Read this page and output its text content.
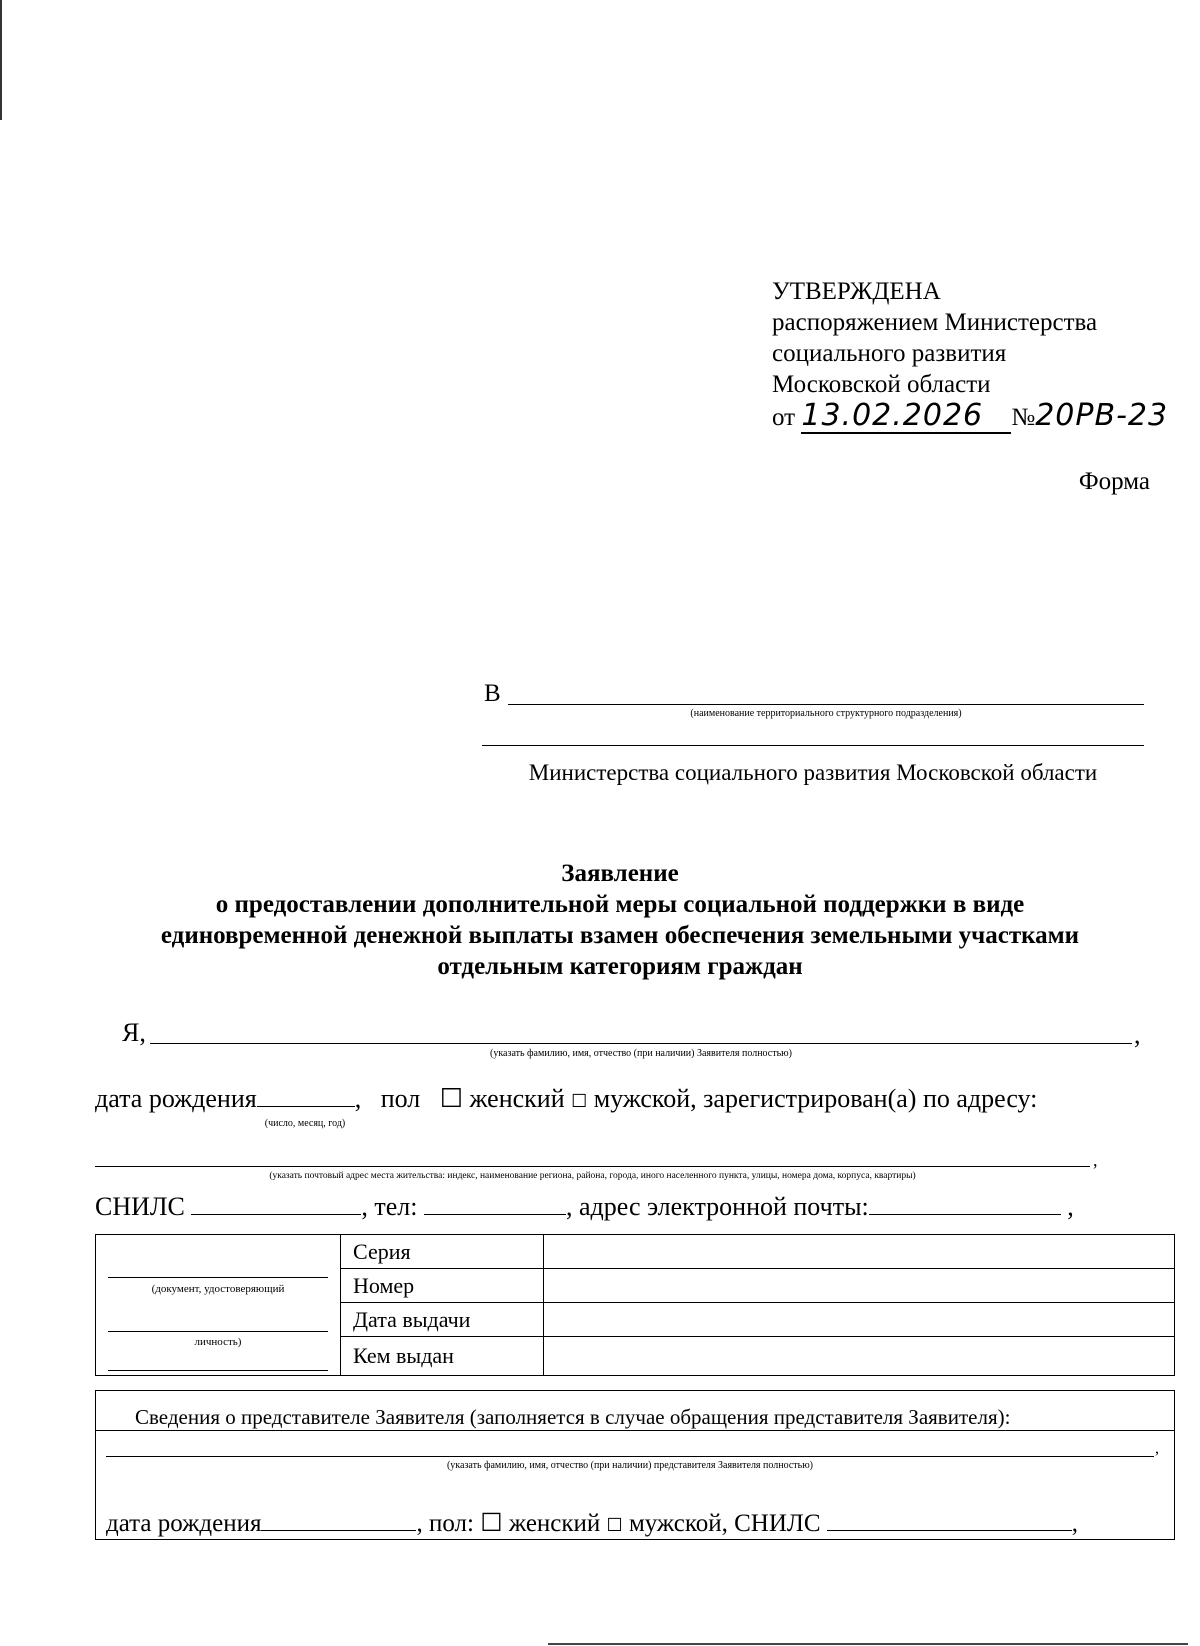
УТВЕРЖДЕНА
распоряжением Министерства
социального развития
Московской области
от 13.02.2026 №20РВ-23
Форма
В
(наименование территориального структурного подразделения)
Министерства социального развития Московской области
Заявление
о предоставлении дополнительной меры социальной поддержки в виде
единовременной денежной выплаты взамен обеспечения земельными участками
отдельным категориям граждан
Я,	,
(указать фамилию, имя, отчество (при наличии) Заявителя полностью)
дата рождения	,   пол ☐ женский ☐ мужской, зарегистрирован(а) по адресу:
(число, месяц, год)
,
(указать почтовый адрес места жительства: индекс, наименование региона, района, города, иного населенного пункта, улицы, номера дома, корпуса, квартиры)
СНИЛС	, тел:	, адрес электронной почты:	,
(документ, удостоверяющий
личность)	Серия	
	Номер	
	Дата выдачи	
	Кем выдан	
Сведения о представителе Заявителя (заполняется в случае обращения представителя Заявителя):
,
(указать фамилию, имя, отчество (при наличии) представителя Заявителя полностью)
дата рождения	, пол: ☐ женский ☐ мужской, СНИЛС	,
